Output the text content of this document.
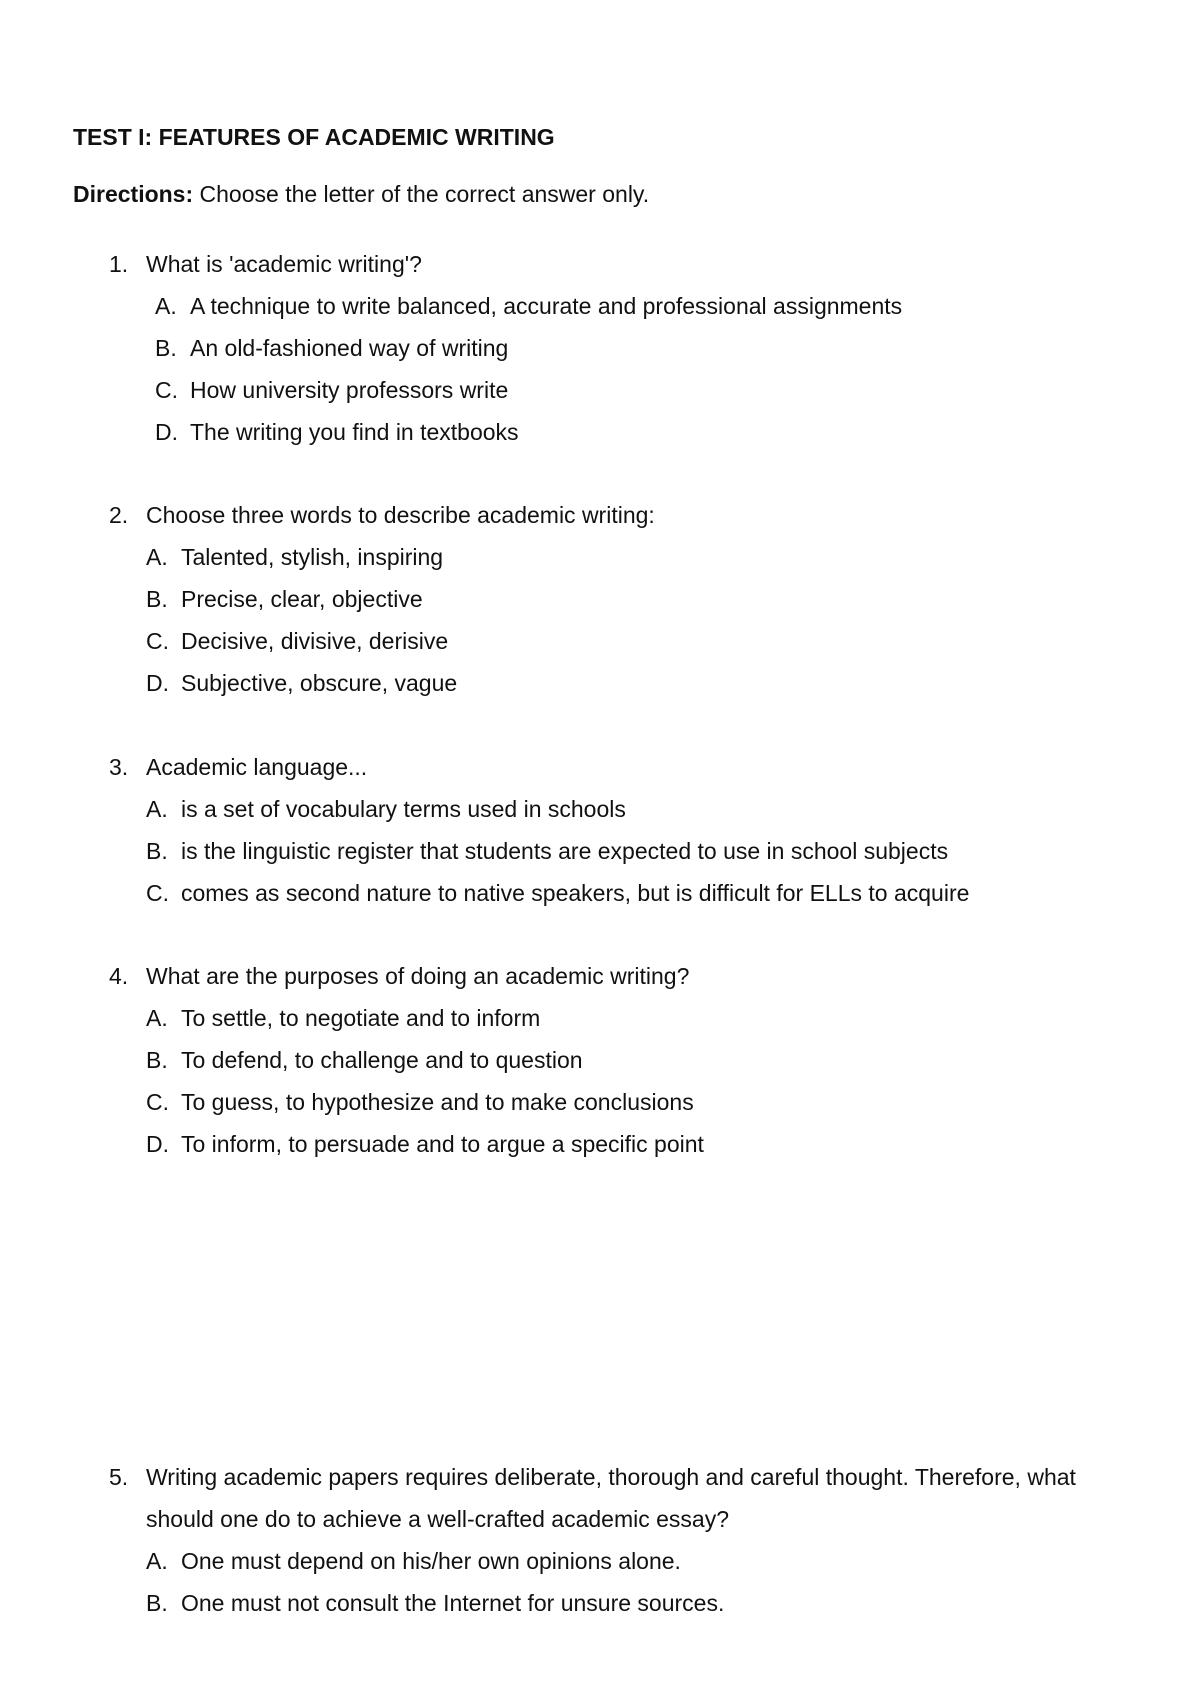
TEST I: FEATURES OF ACADEMIC WRITING

Directions: Choose the letter of the correct answer only.

1. What is 'academic writing'?
A. A technique to write balanced, accurate and professional assignments
B. An old-fashioned way of writing
C. How university professors write
D. The writing you find in textbooks
2. Choose three words to describe academic writing:
A. Talented, stylish, inspiring
B. Precise, clear, objective
C. Decisive, divisive, derisive
D. Subjective, obscure, vague
3. Academic language...
A. is a set of vocabulary terms used in schools
B. is the linguistic register that students are expected to use in school subjects
C. comes as second nature to native speakers, but is difficult for ELLs to acquire
4. What are the purposes of doing an academic writing?
A. To settle, to negotiate and to inform
B. To defend, to challenge and to question
C. To guess, to hypothesize and to make conclusions
D. To inform, to persuade and to argue a specific point
5. Writing academic papers requires deliberate, thorough and careful thought. Therefore, what
should one do to achieve a well-crafted academic essay?
A. One must depend on his/her own opinions alone.
B. One must not consult the Internet for unsure sources.
